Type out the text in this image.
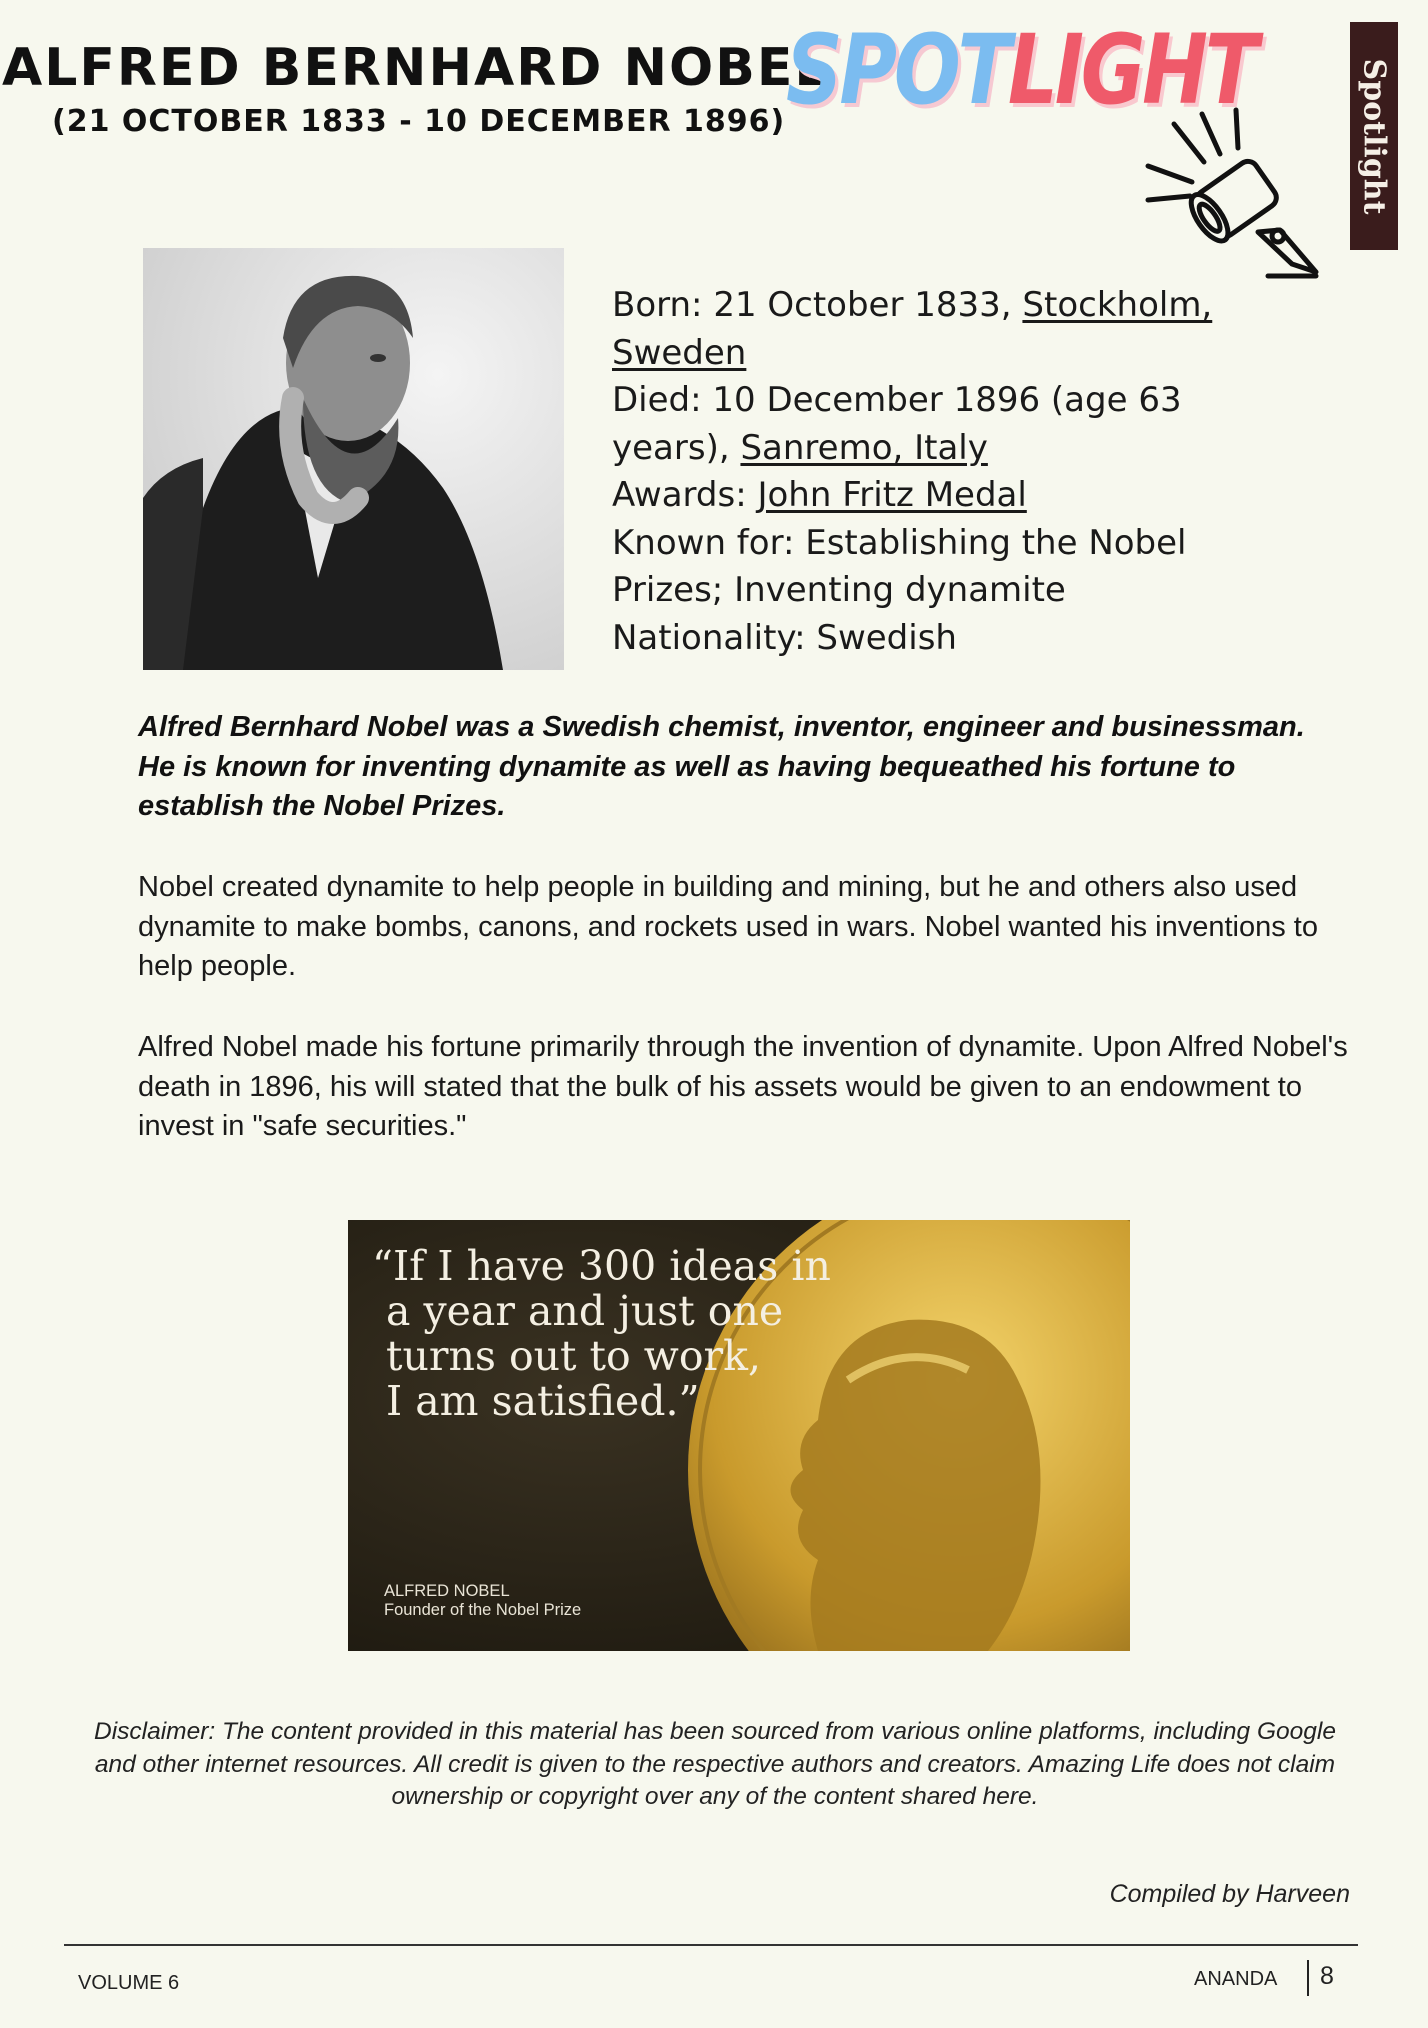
ALFRED BERNHARD NOBEL
(21 OCTOBER 1833 - 10 DECEMBER 1896) SPOTLIGHT	Spotlight
Born: 21 October 1833, Stockholm, Sweden
Died: 10 December 1896 (age 63 years), Sanremo, Italy
Awards: John Fritz Medal
Known for: Establishing the Nobel Prizes; Inventing dynamite
Nationality: Swedish
Alfred Bernhard Nobel was a Swedish chemist, inventor, engineer and businessman. He is known for inventing dynamite as well as having bequeathed his fortune to establish the Nobel Prizes.
Nobel created dynamite to help people in building and mining, but he and others also used dynamite to make bombs, canons, and rockets used in wars. Nobel wanted his inventions to help people.
Alfred Nobel made his fortune primarily through the invention of dynamite. Upon Alfred Nobel's death in 1896, his will stated that the bulk of his assets would be given to an endowment to invest in "safe securities."
“If I have 300 ideas in
a year and just one
turns out to work,
I am satisfied.”
ALFRED NOBEL
Founder of the Nobel Prize
Disclaimer: The content provided in this material has been sourced from various online platforms, including Google and other internet resources. All credit is given to the respective authors and creators. Amazing Life does not claim ownership or copyright over any of the content shared here.
Compiled by Harveen
VOLUME 6	ANANDA 8
